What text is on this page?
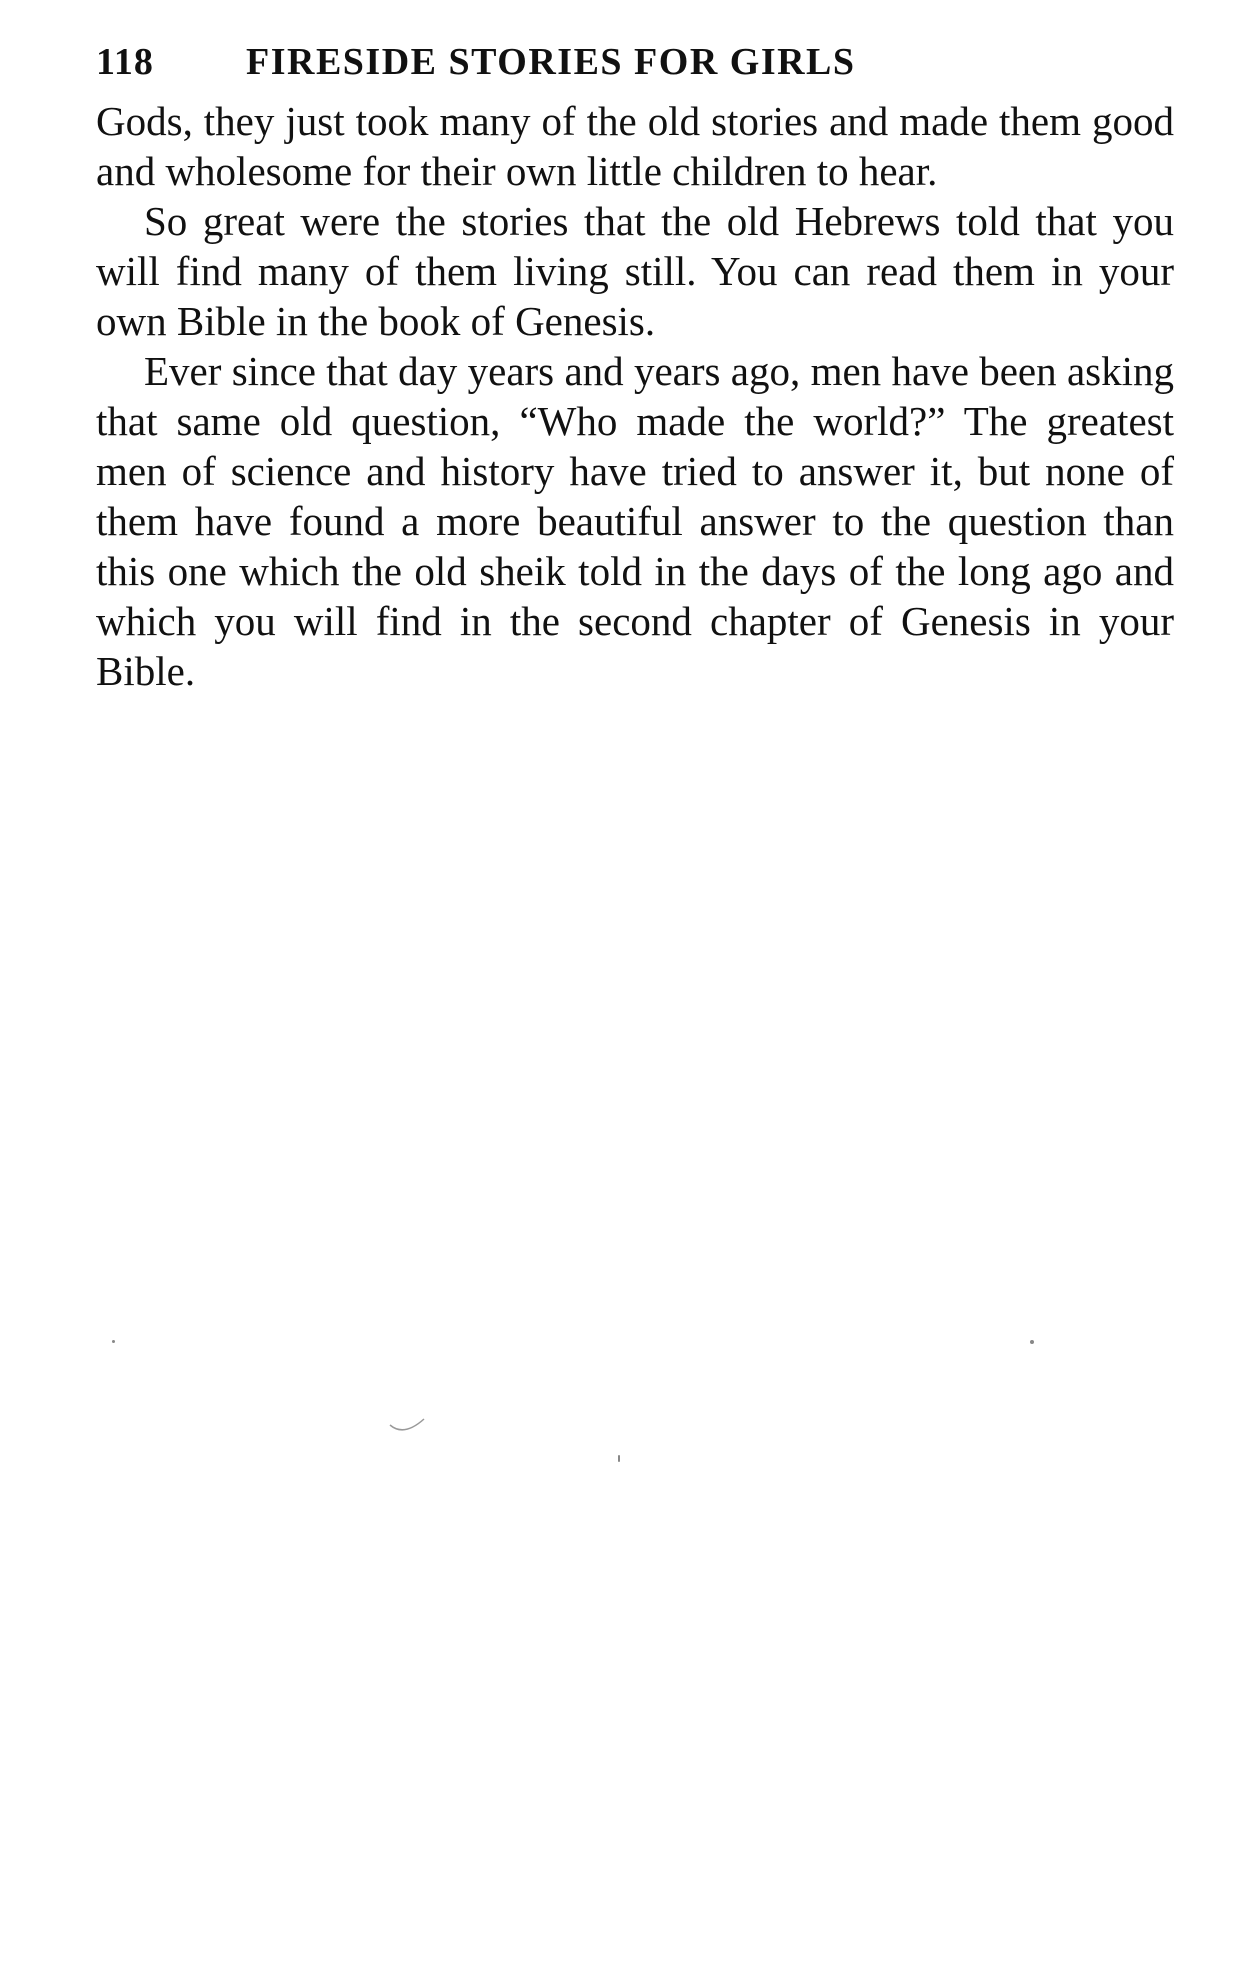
118	FIRESIDE STORIES FOR GIRLS

Gods, they just took many of the old stories and made them good and wholesome for their own little children to hear.

So great were the stories that the old Hebrews told that you will find many of them living still. You can read them in your own Bible in the book of Genesis.

Ever since that day years and years ago, men have been asking that same old question, “Who made the world?” The greatest men of science and history have tried to answer it, but none of them have found a more beautiful answer to the question than this one which the old sheik told in the days of the long ago and which you will find in the second chapter of Genesis in your Bible.
